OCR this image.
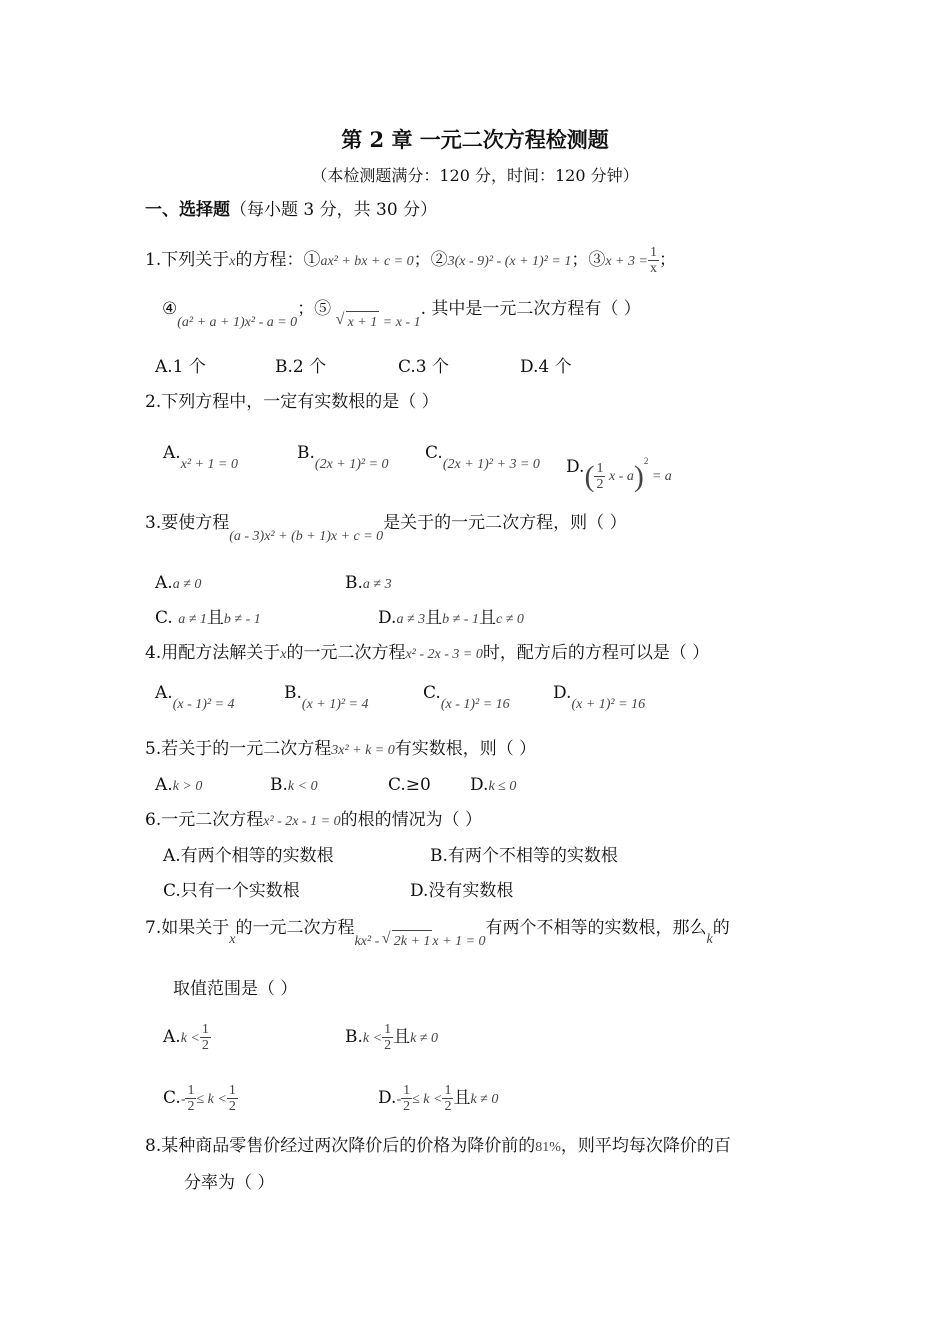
第 2 章 一元二次方程检测题
（本检测题满分：120 分，时间：120 分钟）
一、选择题（每小题 3 分，共 30 分）
1.下列关于x的方程：①ax² + bx + c = 0；②3(x - 9)² - (x + 1)² = 1；③x + $3 = \frac{1}{x}$ ；
$④_{(a^2 + a + 1)x^2 - a = 0}$；⑤ √ $_{x + 1 = x - 1}$. 其中是一元二次方程有（ ）
A.1 个	B.2 个	C.3 个	D.4 个
2.下列方程中，一定有实数根的是（ ）
$A._{x^2 + 1 = 0}$
$B._{(2x + 1)^2 = 0}$
$C._{(2x + 1)^2 + 3 = 0}$ $D._{( \frac{1}{2} x - a)^2 = a}$
3.要使方程$_{(a - 3)x^2 + (b + 1)x + c = 0}$是关于的一元二次方程，则（ ）
A.a ≠ 0	B.a ≠ 3
C. a ≠ 1且b ≠ - 1	D.a ≠ 3且b ≠ - 1且c ≠ 0
4.用配方法解关于x的一元二次方程x² - 2x - 3 = 0时，配方后的方程可以是（ ）
$A._{(x - 1)^2 = 4}$
$B._{(x + 1)^2 = 4}$
$C._{(x - 1)^2 = 16}$
$D._{(x + 1)^2 = 16}$
5.若关于的一元二次方程3x² + k = 0有实数根，则（ ）
A.k > 0	B.k < 0	C.≥0 D.k ≤ 0
6.一元二次方程x² - 2x - 1 = 0的根的情况为（ ）
A.有两个相等的实数根	B.有两个不相等的实数根
C.只有一个实数根	D.没有实数根
7.如果关于$_x$的一元二次方程$_{kx^2 - √ 2k + 1 x + 1 = 0}$有两个不相等的实数根，那么$_k$的
取值范围是（ ）
$A.k < \frac{1}{2}$	$B.k < \frac{1}{2}$ 且k ≠ 0
$C.- \frac{1}{2} \le k < \frac{1}{2}$	$D.- \frac{1}{2} \le k < \frac{1}{2}$ 且k ≠ 0
8.某种商品零售价经过两次降价后的价格为降价前的81%，则平均每次降价的百
分率为（ ）
